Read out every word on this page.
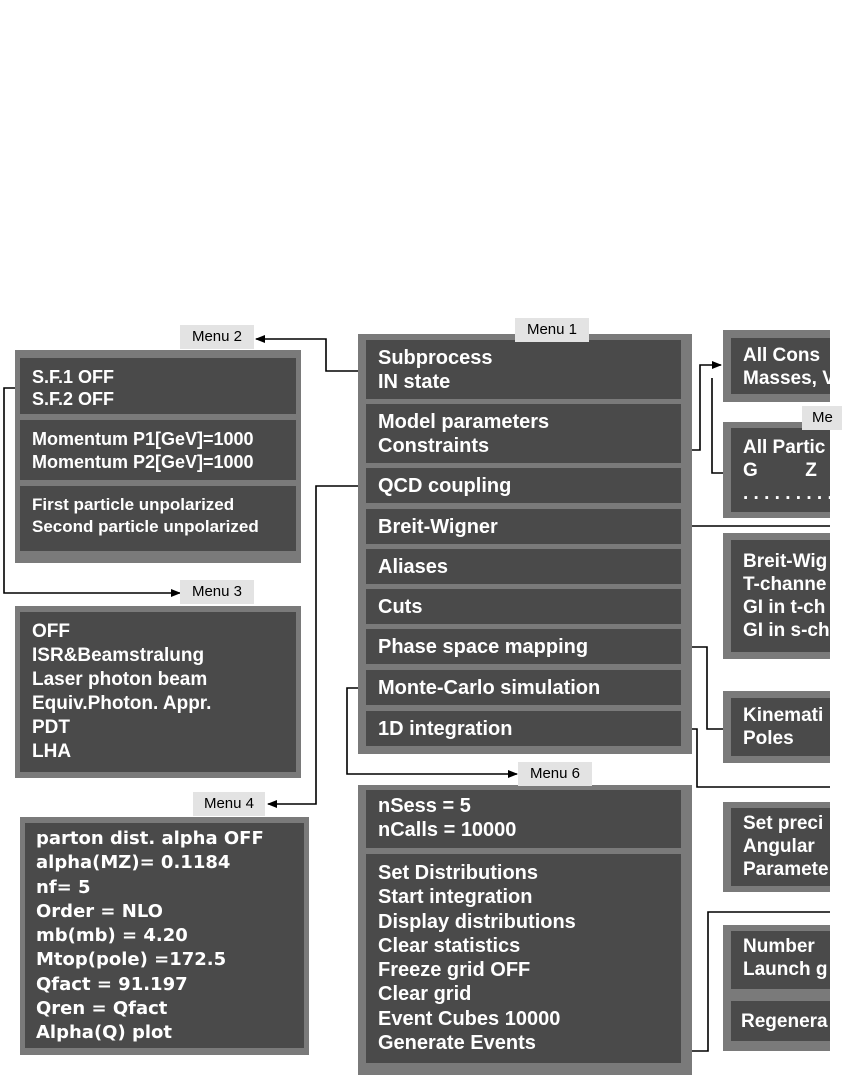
S.F.1 OFF
S.F.2 OFF
Momentum P1[GeV]=1000
Momentum P2[GeV]=1000
First particle unpolarized
Second particle unpolarized
Menu 2
OFF
ISR&Beamstralung
Laser photon beam
Equiv.Photon. Appr.
PDT
LHA
Menu 3
parton dist. alpha OFF
alpha(MZ)= 0.1184
nf= 5
Order = NLO
mb(mb) = 4.20
Mtop(pole) =172.5
Qfact = 91.197
Qren = Qfact
Alpha(Q) plot
Menu 4
Subprocess
IN state
Model parameters
Constraints
QCD coupling
Breit-Wigner
Aliases
Cuts
Phase space mapping
Monte-Carlo simulation
1D integration
Menu 1
nSess = 5
nCalls = 10000
Set Distributions
Start integration
Display distributions
Clear statistics
Freeze grid OFF
Clear grid
Event Cubes 10000
Generate Events
Menu 6
All Cons
Masses, V
All Partic
G         Z
. . . . . . . . .
Me
Breit-Wig
T-channe
GI in t-ch
GI in s-ch
Kinemati
Poles
Set preci
Angular
Paramete
Number
Launch g
Regenera
